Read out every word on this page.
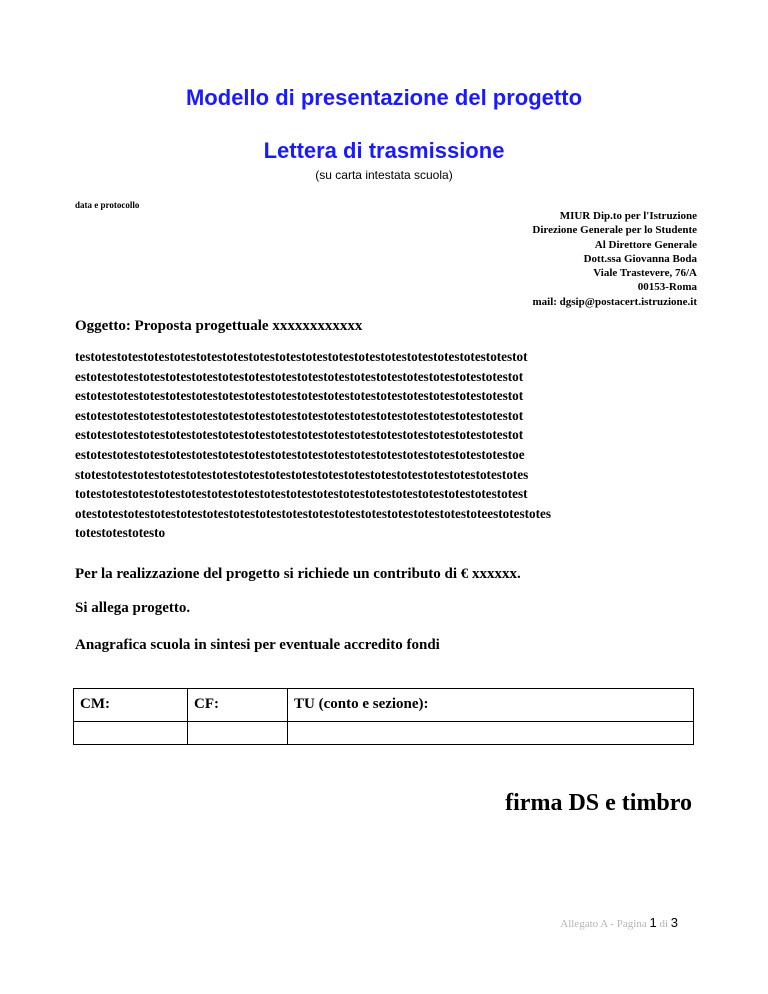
Modello di presentazione del progetto
Lettera di trasmissione
(su carta intestata scuola)
data e protocollo
MIUR Dip.to per l'Istruzione
Direzione Generale per lo Studente
Al Direttore Generale
Dott.ssa Giovanna Boda
Viale Trastevere, 76/A
00153-Roma
mail: dgsip@postacert.istruzione.it
Oggetto: Proposta progettuale xxxxxxxxxxxx
testotestotestotestotestotestotestotestotestotestotestotestotestotestotestotestotestot
estotestotestotestotestotestotestotestotestotestotestotestotestotestotestotestotestot
estotestotestotestotestotestotestotestotestotestotestotestotestotestotestotestotestot
estotestotestotestotestotestotestotestotestotestotestotestotestotestotestotestotestot
estotestotestotestotestotestotestotestotestotestotestotestotestotestotestotestotestot
estotestotestotestotestotestotestotestotestotestotestotestotestotestotestotestotestoe
stotestotestotestotestotestotestotestotestotestotestotestotestotestotestotestotestotes
totestotestotestotestotestotestotestotestotestotestotestotestotestotestotestotestotest
otestotestotestotestotestotestotestotestotestotestotestotestotestotestotestoteestotestotes
totestotestotesto
Per la realizzazione del progetto si richiede un contributo di € xxxxxx.
Si allega progetto.
Anagrafica scuola in sintesi per eventuale accredito fondi
CM:	CF:	TU (conto e sezione):

firma DS e timbro
Allegato A - Pagina 1 di 3
